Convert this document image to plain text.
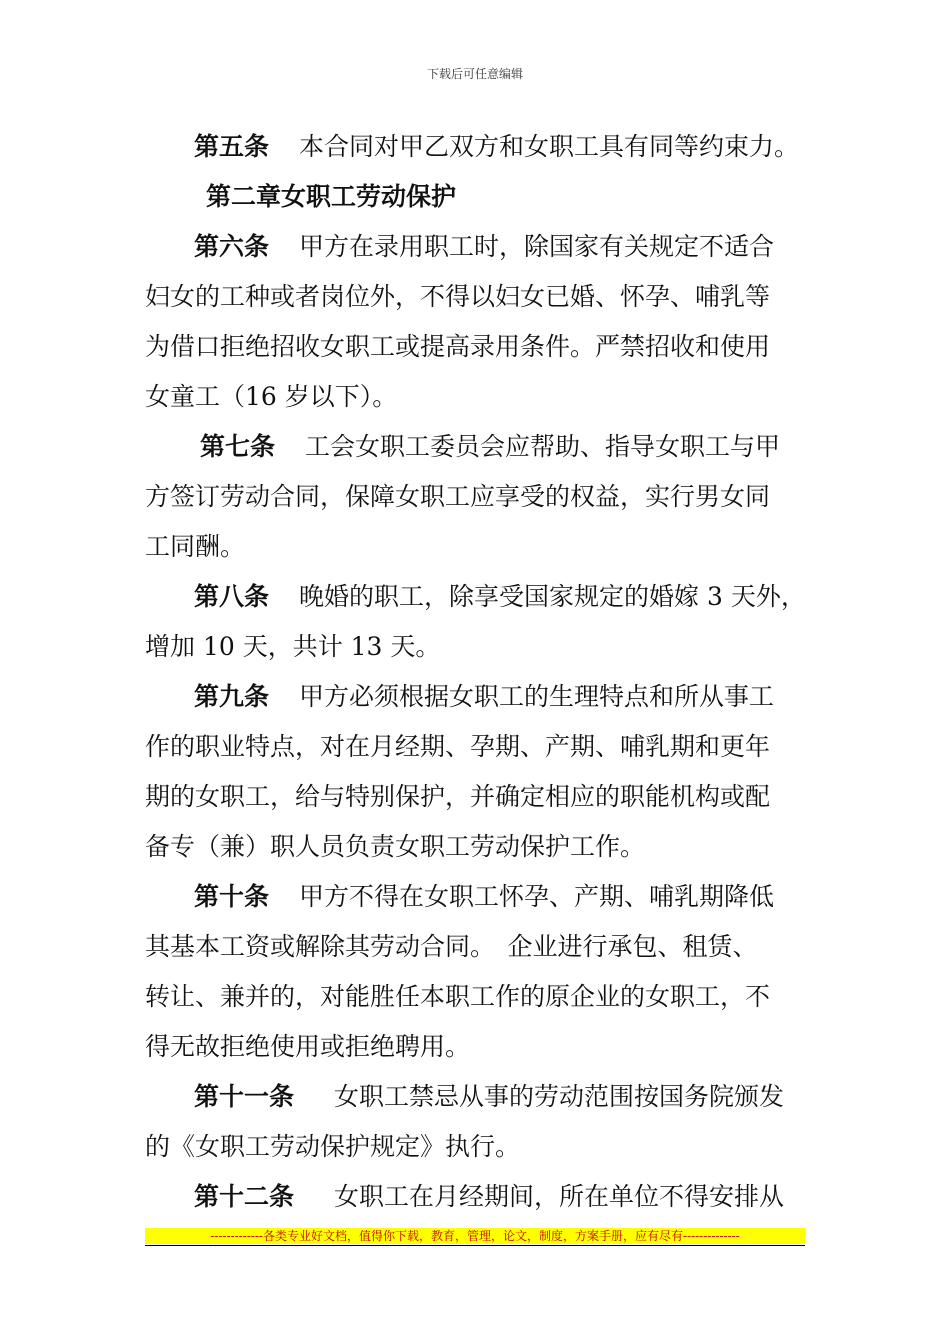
下载后可任意编辑
第五条 本合同对甲乙双方和女职工具有同等约束力。
第二章女职工劳动保护
第六条 甲方在录用职工时，除国家有关规定不适合
妇女的工种或者岗位外，不得以妇女已婚、怀孕、哺乳等
为借口拒绝招收女职工或提高录用条件。严禁招收和使用
女童工（16 岁以下）。
第七条 工会女职工委员会应帮助、指导女职工与甲
方签订劳动合同，保障女职工应享受的权益，实行男女同
工同酬。
第八条 晚婚的职工，除享受国家规定的婚嫁 3 天外，
增加 10 天，共计 13 天。
第九条 甲方必须根据女职工的生理特点和所从事工
作的职业特点，对在月经期、孕期、产期、哺乳期和更年
期的女职工，给与特别保护，并确定相应的职能机构或配
备专（兼）职人员负责女职工劳动保护工作。
第十条 甲方不得在女职工怀孕、产期、哺乳期降低
其基本工资或解除其劳动合同。　企业进行承包、租赁、
转让、兼并的，对能胜任本职工作的原企业的女职工，不
得无故拒绝使用或拒绝聘用。
第十一条 女职工禁忌从事的劳动范围按国务院颁发
的《女职工劳动保护规定》执行。
第十二条 女职工在月经期间，所在单位不得安排从
-------------各类专业好文档，值得你下载，教育，管理，论文，制度，方案手册，应有尽有--------------
